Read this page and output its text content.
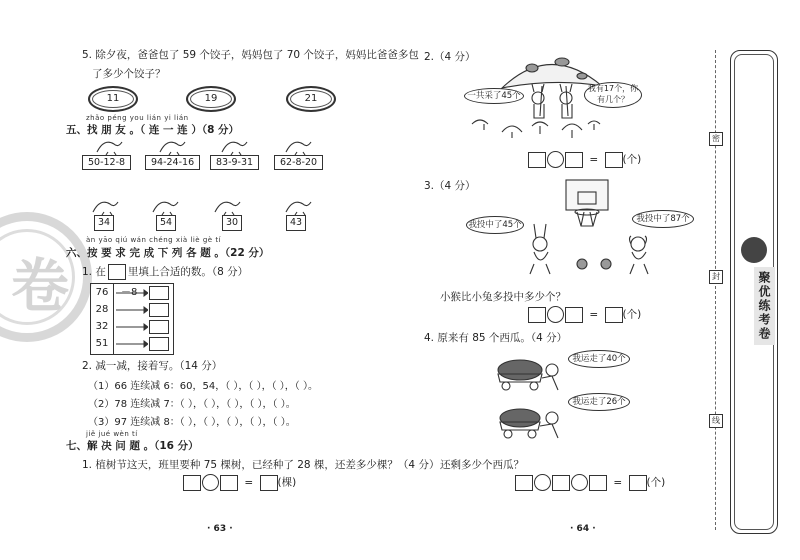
卷
5. 除夕夜，爸爸包了 59 个饺子，妈妈包了 70 个饺子，妈妈比爸爸多包
了多少个饺子？
11	19	21
zhǎo péng you lián yi lián
五、找 朋 友 。（ 连 一 连 ）（8 分）
50-12-8	94-24-16	83-9-31	62-8-20
34	54	30	43
àn yāo qiú wán chéng xià liè gè tí
六、按 要 求 完 成 下 列 各 题 。（22 分）
1. 在 里填上合适的数。（8 分）
76
28
32
51
－8
2. 减一减，接着写。（14 分）
（1）66 连续减 6：60，54，（ ），（ ），（ ），（ ）。
（2）78 连续减 7：（ ），（ ），（ ），（ ），（ ）。
（3）97 连续减 8：（ ），（ ），（ ），（ ），（ ）。
jiě jué wèn tí
七、解 决 问 题 。（16 分）
1. 植树节这天，班里要种 75 棵树，已经种了 28 棵，还差多少棵？（4 分）
= (棵)
· 63 ·
2.（4 分）
一共采了45个
我有17个，你有几个？
= (个)
3.（4 分）
我投中了45个
我投中了87个
小猴比小兔多投中多少个？
= (个)
4. 原来有 85 个西瓜。（4 分）
我运走了40个
我运走了26个
还剩多少个西瓜？
= (个)
· 64 ·
聚优练考卷
密
封
线
